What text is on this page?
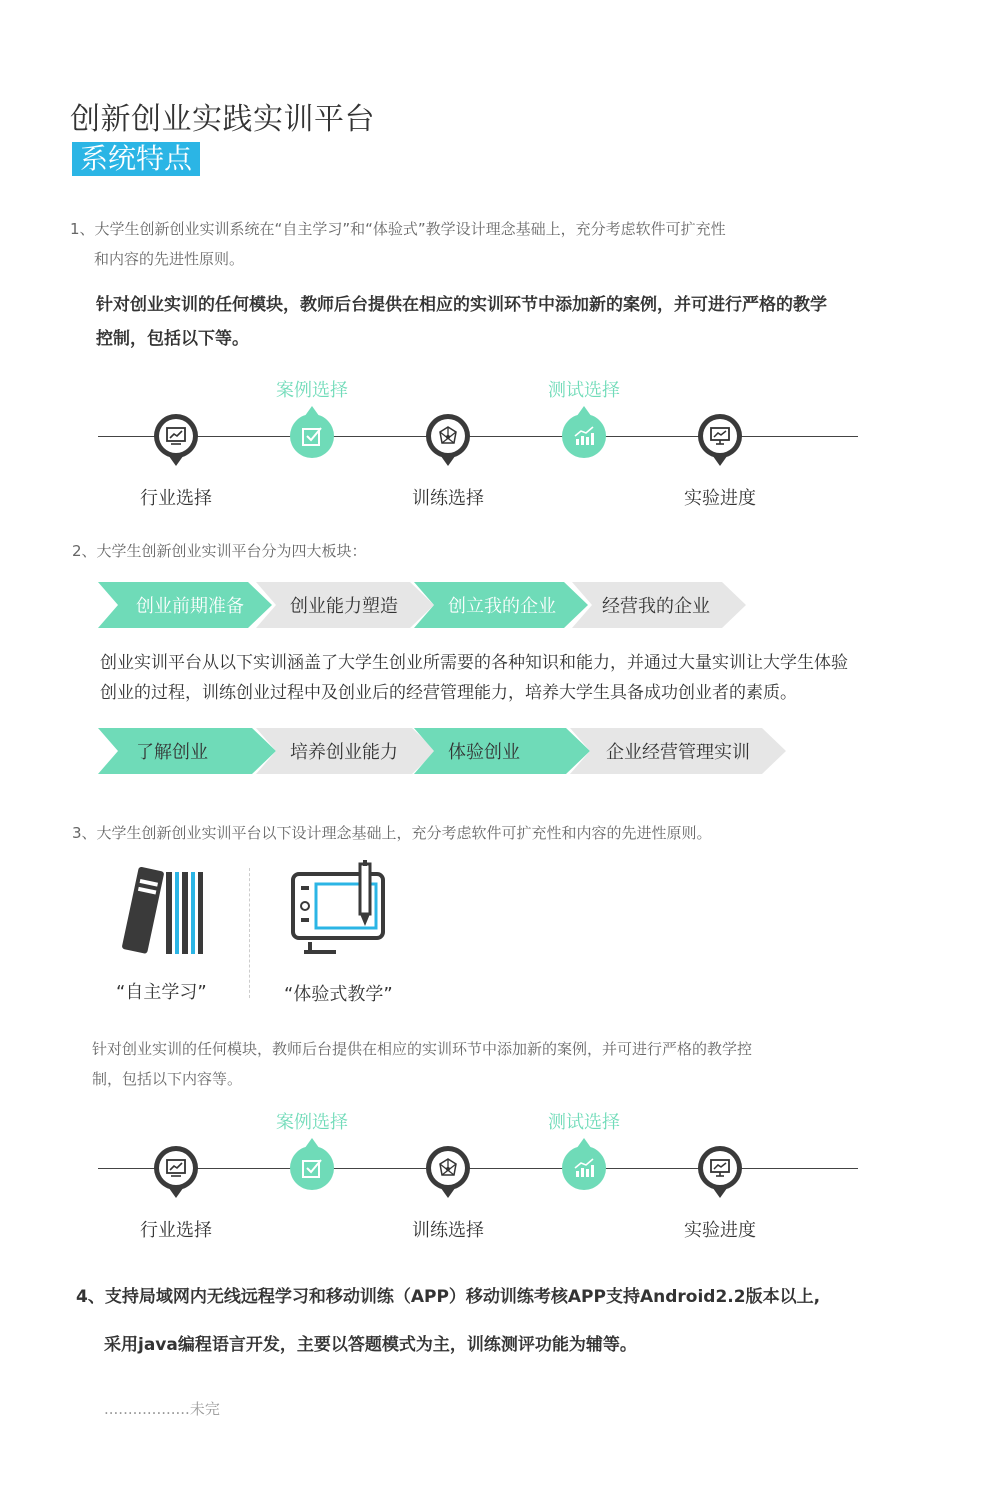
创新创业实践实训平台
系统特点
1、大学生创新创业实训系统在“自主学习”和“体验式”教学设计理念基础上，充分考虑软件可扩充性
和内容的先进性原则。
针对创业实训的任何模块，教师后台提供在相应的实训环节中添加新的案例，并可进行严格的教学
控制，包括以下等。
案例选择	测试选择
行业选择	训练选择	实验进度
2、大学生创新创业实训平台分为四大板块：
创业前期准备	创业能力塑造	创立我的企业	经营我的企业
创业实训平台从以下实训涵盖了大学生创业所需要的各种知识和能力，并通过大量实训让大学生体验
创业的过程，训练创业过程中及创业后的经营管理能力，培养大学生具备成功创业者的素质。
了解创业	培养创业能力	体验创业	企业经营管理实训
3、大学生创新创业实训平台以下设计理念基础上，充分考虑软件可扩充性和内容的先进性原则。
“自主学习”	“体验式教学”
针对创业实训的任何模块，教师后台提供在相应的实训环节中添加新的案例，并可进行严格的教学控
制，包括以下内容等。
案例选择	测试选择
行业选择	训练选择	实验进度
4、支持局域网内无线远程学习和移动训练（APP）移动训练考核APP支持Android2.2版本以上,
采用java编程语言开发，主要以答题模式为主，训练测评功能为辅等。
..................未完
